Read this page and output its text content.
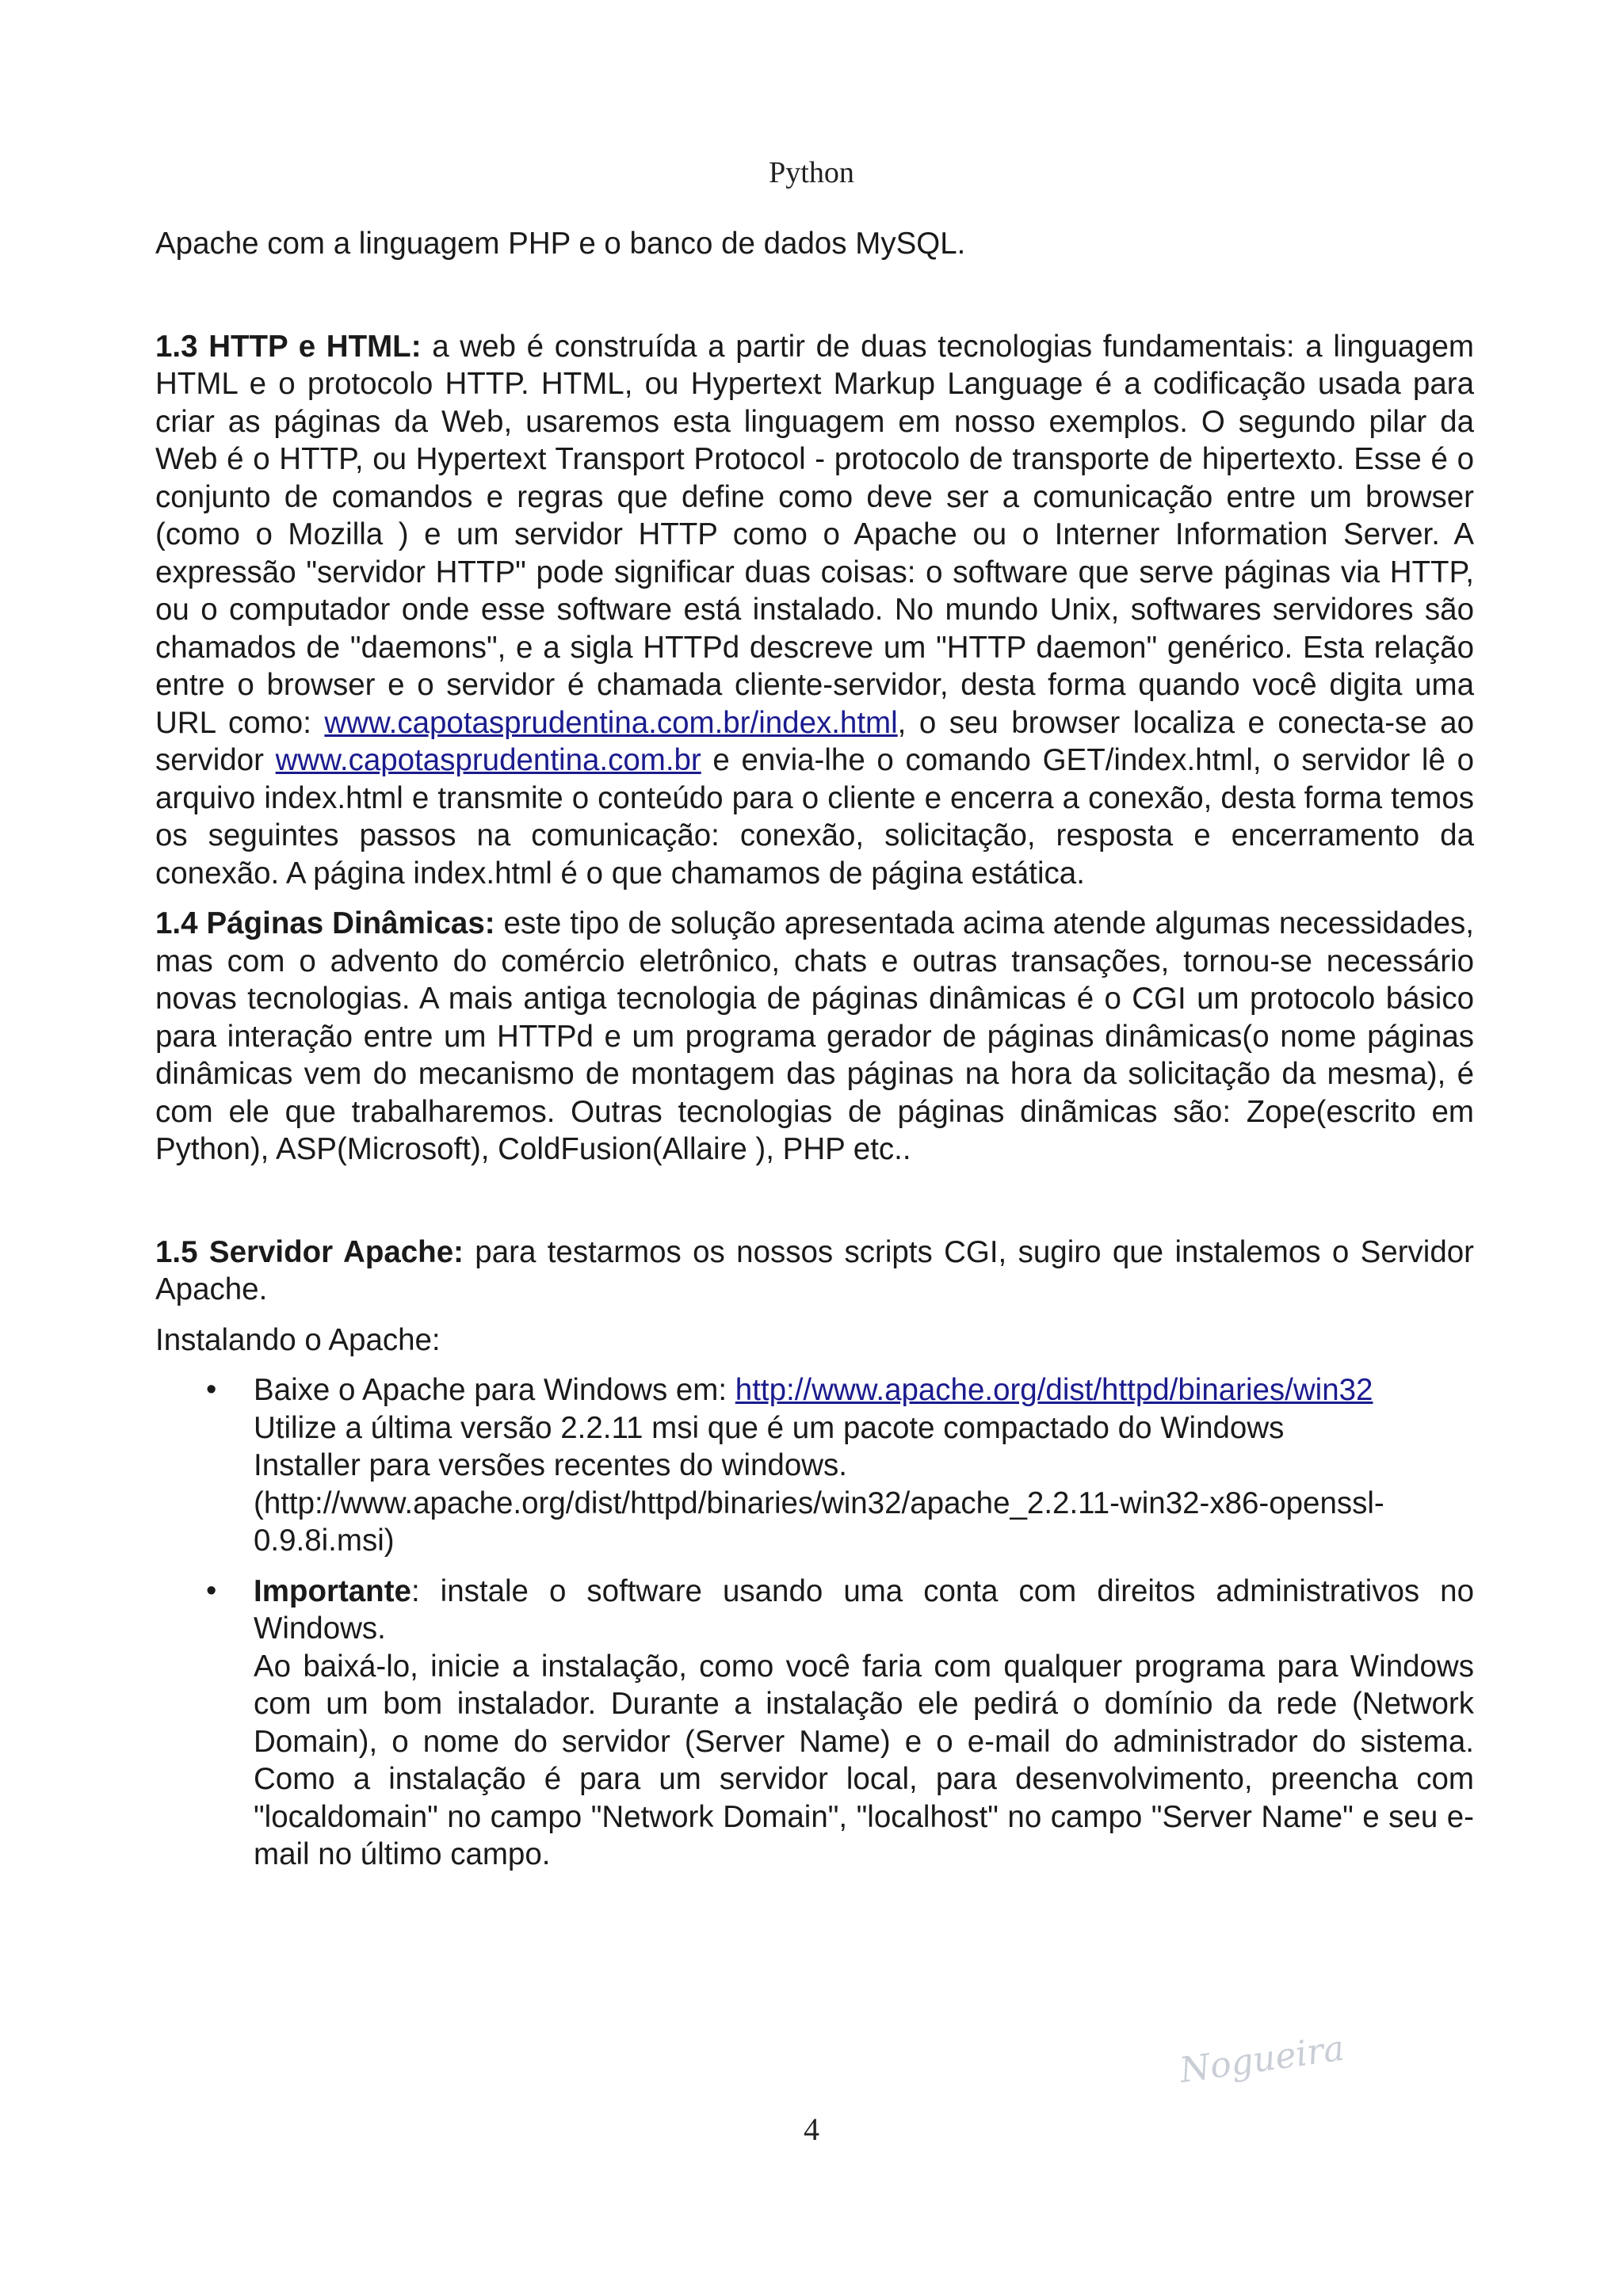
Python

Apache com a linguagem PHP e o banco de dados MySQL.

1.3 HTTP e HTML: a web é construída a partir de duas tecnologias fundamentais: a linguagem HTML e o protocolo HTTP. HTML, ou Hypertext Markup Language é a codificação usada para criar as páginas da Web, usaremos esta linguagem em nosso exemplos. O segundo pilar da Web é o HTTP, ou Hypertext Transport Protocol - protocolo de transporte de hipertexto. Esse é o conjunto de comandos e regras que define como deve ser a comunicação entre um browser (como o Mozilla ) e um servidor HTTP como o Apache ou o Interner Information Server. A expressão "servidor HTTP" pode significar duas coisas: o software que serve páginas via HTTP, ou o computador onde esse software está instalado. No mundo Unix, softwares servidores são chamados de "daemons", e a sigla HTTPd descreve um "HTTP daemon" genérico. Esta relação entre o browser e o servidor é chamada cliente-servidor, desta forma quando você digita uma URL como: www.capotasprudentina.com.br/index.html, o seu browser localiza e conecta-se ao servidor www.capotasprudentina.com.br e envia-lhe o comando GET/index.html, o servidor lê o arquivo index.html e transmite o conteúdo para o cliente e encerra a conexão, desta forma temos os seguintes passos na comunicação: conexão, solicitação, resposta e encerramento da conexão. A página index.html é o que chamamos de página estática.

1.4 Páginas Dinâmicas: este tipo de solução apresentada acima atende algumas necessidades, mas com o advento do comércio eletrônico, chats e outras transações, tornou-se necessário novas tecnologias. A mais antiga tecnologia de páginas dinâmicas é o CGI um protocolo básico para interação entre um HTTPd e um programa gerador de páginas dinâmicas(o nome páginas dinâmicas vem do mecanismo de montagem das páginas na hora da solicitação da mesma), é com ele que trabalharemos. Outras tecnologias de páginas dinãmicas são: Zope(escrito em Python), ASP(Microsoft), ColdFusion(Allaire ), PHP etc..

1.5 Servidor Apache: para testarmos os nossos scripts CGI, sugiro que instalemos o Servidor Apache.

Instalando o Apache:

• Baixe o Apache para Windows em: http://www.apache.org/dist/httpd/binaries/win32
Utilize a última versão 2.2.11 msi que é um pacote compactado do Windows
Installer para versões recentes do windows.
(http://www.apache.org/dist/httpd/binaries/win32/apache_2.2.11-win32-x86-openssl-0.9.8i.msi)
• Importante: instale o software usando uma conta com direitos administrativos no Windows.
Ao baixá-lo, inicie a instalação, como você faria com qualquer programa para Windows com um bom instalador. Durante a instalação ele pedirá o domínio da rede (Network Domain), o nome do servidor (Server Name) e o e-mail do administrador do sistema. Como a instalação é para um servidor local, para desenvolvimento, preencha com "localdomain" no campo "Network Domain", "localhost" no campo "Server Name" e seu e-mail no último campo.
Nogueira
4
